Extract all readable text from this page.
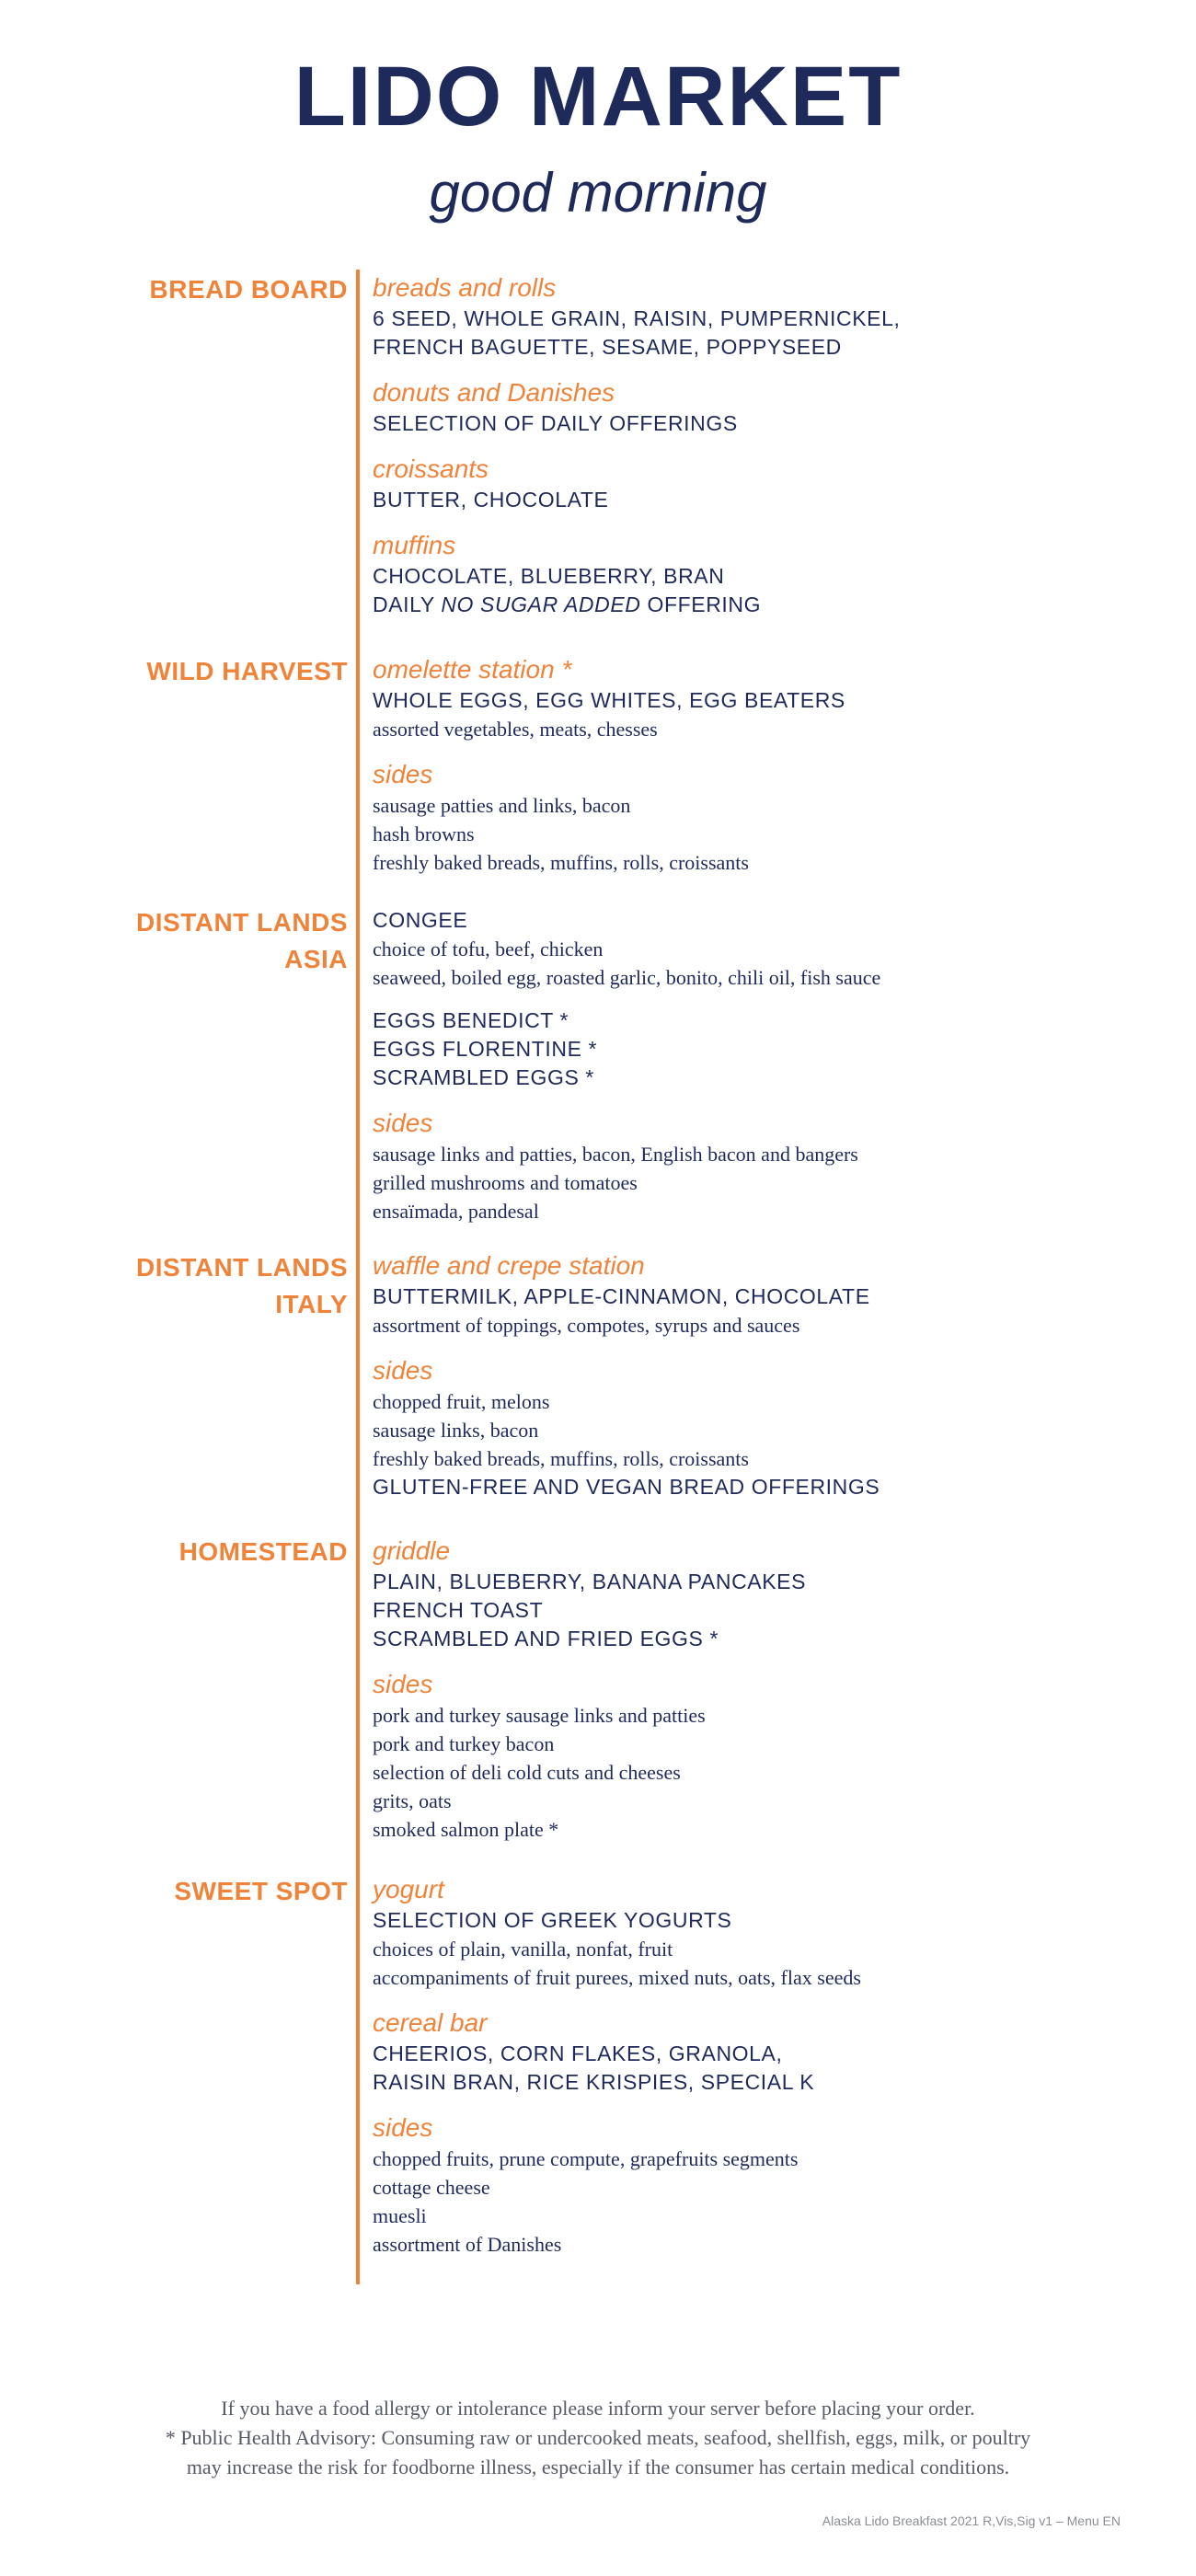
LIDO MARKET
good morning
BREAD BOARD breads and rolls
6 SEED, WHOLE GRAIN, RAISIN, PUMPERNICKEL,
FRENCH BAGUETTE, SESAME, POPPYSEED
donuts and Danishes
SELECTION OF DAILY OFFERINGS
croissants
BUTTER, CHOCOLATE
muffins
CHOCOLATE, BLUEBERRY, BRAN
DAILY NO SUGAR ADDED OFFERING
WILD HARVEST omelette station *
WHOLE EGGS, EGG WHITES, EGG BEATERS
assorted vegetables, meats, chesses
sides
sausage patties and links, bacon
hash browns
freshly baked breads, muffins, rolls, croissants
DISTANT LANDS
ASIA
CONGEE
choice of tofu, beef, chicken
seaweed, boiled egg, roasted garlic, bonito, chili oil, fish sauce
EGGS BENEDICT *
EGGS FLORENTINE *
SCRAMBLED EGGS *
sides
sausage links and patties, bacon, English bacon and bangers
grilled mushrooms and tomatoes
ensaïmada, pandesal
DISTANT LANDS
ITALY
waffle and crepe station
BUTTERMILK, APPLE-CINNAMON, CHOCOLATE
assortment of toppings, compotes, syrups and sauces
sides
chopped fruit, melons
sausage links, bacon
freshly baked breads, muffins, rolls, croissants
GLUTEN-FREE AND VEGAN BREAD OFFERINGS
HOMESTEAD griddle
PLAIN, BLUEBERRY, BANANA PANCAKES
FRENCH TOAST
SCRAMBLED AND FRIED EGGS *
sides
pork and turkey sausage links and patties
pork and turkey bacon
selection of deli cold cuts and cheeses
grits, oats
smoked salmon plate *
SWEET SPOT yogurt
SELECTION OF GREEK YOGURTS
choices of plain, vanilla, nonfat, fruit
accompaniments of fruit purees, mixed nuts, oats, flax seeds
cereal bar
CHEERIOS, CORN FLAKES, GRANOLA,
RAISIN BRAN, RICE KRISPIES, SPECIAL K
sides
chopped fruits, prune compute, grapefruits segments
cottage cheese
muesli
assortment of Danishes
If you have a food allergy or intolerance please inform your server before placing your order.
* Public Health Advisory: Consuming raw or undercooked meats, seafood, shellfish, eggs, milk, or poultry
may increase the risk for foodborne illness, especially if the consumer has certain medical conditions.
Alaska Lido Breakfast 2021 R,Vis,Sig v1 – Menu EN
